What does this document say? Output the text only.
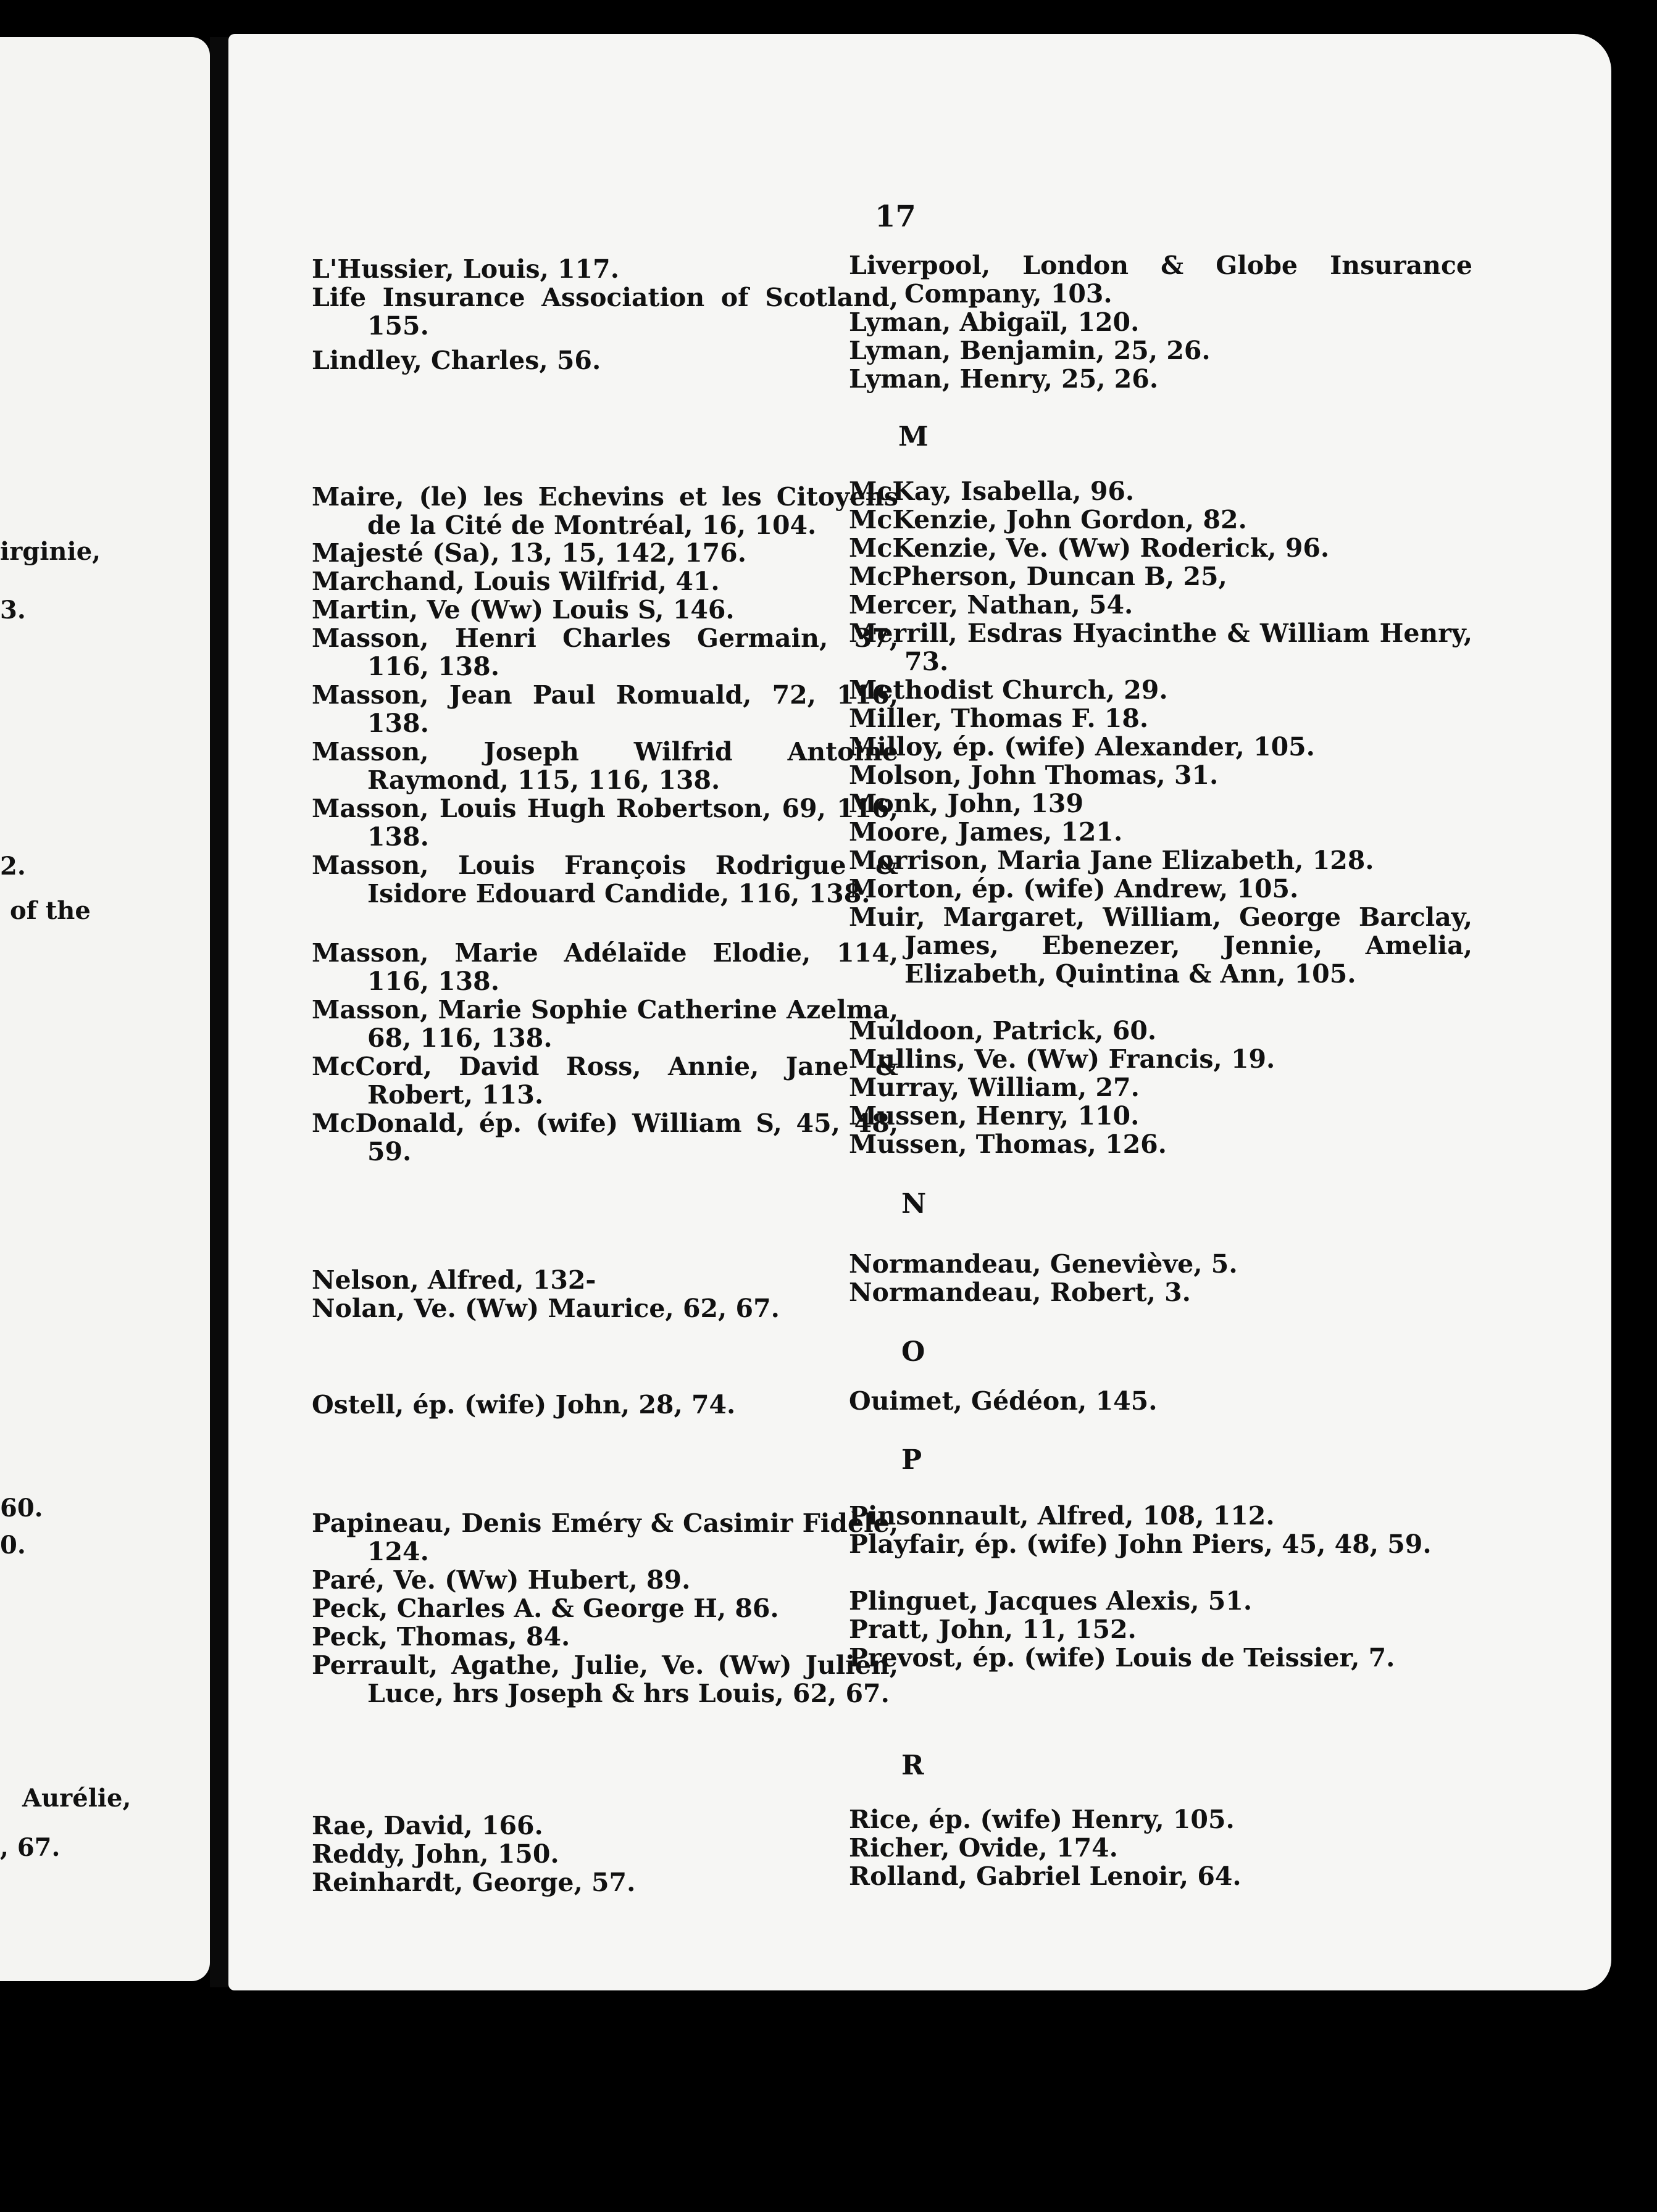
irginie,
3.
2.
of the
60.
0.
Aurélie,
, 67.
17
L'Hussier, Louis, 117.
Life Insurance Association of Scotland, 155.
Lindley, Charles, 56.
Maire, (le) les Echevins et les Citoyens de la Cité de Montréal, 16, 104.
Majesté (Sa), 13, 15, 142, 176.
Marchand, Louis Wilfrid, 41.
Martin, Ve (Ww) Louis S, 146.
Masson, Henri Charles Germain, 37, 116, 138.
Masson, Jean Paul Romuald, 72, 116, 138.
Masson, Joseph Wilfrid Antoine Raymond, 115, 116, 138.
Masson, Louis Hugh Robertson, 69, 116, 138.
Masson, Louis François Rodrigue & Isidore Edouard Candide, 116, 138.
Masson, Marie Adélaïde Elodie, 114, 116, 138.
Masson, Marie Sophie Catherine Azelma, 68, 116, 138.
McCord, David Ross, Annie, Jane & Robert, 113.
McDonald, ép. (wife) William S, 45, 48, 59.
Nelson, Alfred, 132-
Nolan, Ve. (Ww) Maurice, 62, 67.
Ostell, ép. (wife) John, 28, 74.
Papineau, Denis Eméry & Casimir Fidèle, 124.
Paré, Ve. (Ww) Hubert, 89.
Peck, Charles A. & George H, 86.
Peck, Thomas, 84.
Perrault, Agathe, Julie, Ve. (Ww) Julien, Luce, hrs Joseph & hrs Louis, 62, 67.
Rae, David, 166.
Reddy, John, 150.
Reinhardt, George, 57.
Liverpool, London & Globe Insurance Company, 103.
Lyman, Abigaïl, 120.
Lyman, Benjamin, 25, 26.
Lyman, Henry, 25, 26.
M
McKay, Isabella, 96.
McKenzie, John Gordon, 82.
McKenzie, Ve. (Ww) Roderick, 96.
McPherson, Duncan B, 25,
Mercer, Nathan, 54.
Merrill, Esdras Hyacinthe & William Henry, 73.
Methodist Church, 29.
Miller, Thomas F. 18.
Milloy, ép. (wife) Alexander, 105.
Molson, John Thomas, 31.
Monk, John, 139
Moore, James, 121.
Morrison, Maria Jane Elizabeth, 128.
Morton, ép. (wife) Andrew, 105.
Muir, Margaret, William, George Barclay, James, Ebenezer, Jennie, Amelia, Elizabeth, Quintina & Ann, 105.
Muldoon, Patrick, 60.
Mullins, Ve. (Ww) Francis, 19.
Murray, William, 27.
Mussen, Henry, 110.
Mussen, Thomas, 126.
N
Normandeau, Geneviève, 5.
Normandeau, Robert, 3.
O
Ouimet, Gédéon, 145.
P
Pinsonnault, Alfred, 108, 112.
Playfair, ép. (wife) John Piers, 45, 48, 59.
Plinguet, Jacques Alexis, 51.
Pratt, John, 11, 152.
Prevost, ép. (wife) Louis de Teissier, 7.
R
Rice, ép. (wife) Henry, 105.
Richer, Ovide, 174.
Rolland, Gabriel Lenoir, 64.
